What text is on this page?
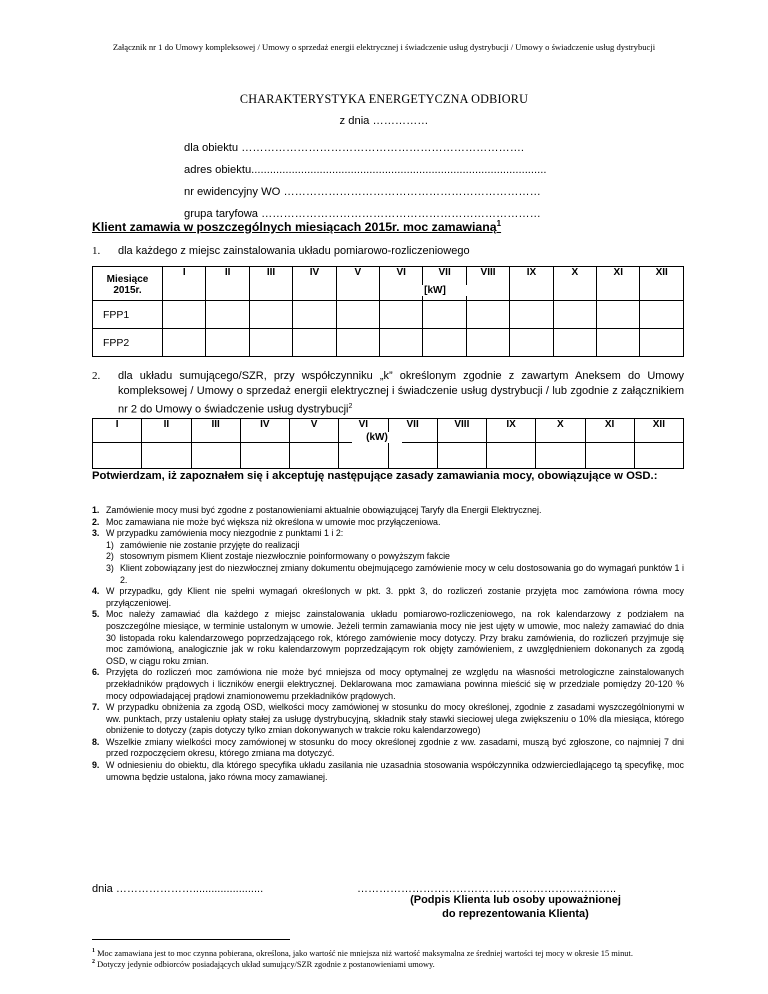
Załącznik nr 1 do Umowy kompleksowej / Umowy o sprzedaż energii elektrycznej i świadczenie usług dystrybucji / Umowy o świadczenie usług dystrybucji
CHARAKTERYSTYKA ENERGETYCZNA ODBIORU
z dnia ……………
dla obiektu ………………………………………………………………….
adres obiektu...............................................................................................
nr ewidencyjny WO ……………………………………………………………
grupa taryfowa …………………………………………………………………
Klient zamawia w poszczególnych miesiącach 2015r. moc zamawianą$^1$
1. dla każdego z miejsc zainstalowania układu pomiarowo-rozliczeniowego
Miesiące 2015r.	I	II	III	IV	V	VI	VII	VIII	IX	X	XI	XII
FPP1												
FPP2												
[kW]
2. dla układu sumującego/SZR, przy współczynniku „k” określonym zgodnie z zawartym Aneksem do Umowy kompleksowej / Umowy o sprzedaż energii elektrycznej i świadczenie usług dystrybucji / lub zgodnie z załącznikiem nr 2 do Umowy o świadczenie usług dystrybucji$^2$
I	II	III	IV	V	VI	VII	VIII	IX	X	XI	XII

(kW)
Potwierdzam, iż zapoznałem się i akceptuję następujące zasady zamawiania mocy, obowiązujące w OSD.:
1. Zamówienie mocy musi być zgodne z postanowieniami aktualnie obowiązującej Taryfy dla Energii Elektrycznej.
2. Moc zamawiana nie może być większa niż określona w umowie moc przyłączeniowa.
3. W przypadku zamówienia mocy niezgodnie z punktami 1 i 2:
1) zamówienie nie zostanie przyjęte do realizacji
2) stosownym pismem Klient zostaje niezwłocznie poinformowany o powyższym fakcie
3) Klient zobowiązany jest do niezwłocznej zmiany dokumentu obejmującego zamówienie mocy w celu dostosowania go do wymagań punktów 1 i 2.
4. W przypadku, gdy Klient nie spełni wymagań określonych w pkt. 3. ppkt 3, do rozliczeń zostanie przyjęta moc zamówiona równa mocy przyłączeniowej.
5. Moc należy zamawiać dla każdego z miejsc zainstalowania układu pomiarowo-rozliczeniowego, na rok kalendarzowy z podziałem na poszczególne miesiące, w terminie ustalonym w umowie. Jeżeli termin zamawiania mocy nie jest ujęty w umowie, moc należy zamawiać do dnia 30 listopada roku kalendarzowego poprzedzającego rok, którego zamówienie mocy dotyczy. Przy braku zamówienia, do rozliczeń przyjmuje się moc zamówioną, analogicznie jak w roku kalendarzowym poprzedzającym rok objęty zamówieniem, z uwzględnieniem dokonanych za zgodą OSD, w ciągu roku zmian.
6. Przyjęta do rozliczeń moc zamówiona nie może być mniejsza od mocy optymalnej ze względu na własności metrologiczne zainstalowanych przekładników prądowych i liczników energii elektrycznej. Deklarowana moc zamawiana powinna mieścić się w przedziale pomiędzy 20-120 % mocy odpowiadającej prądowi znamionowemu przekładników prądowych.
7. W przypadku obniżenia za zgodą OSD, wielkości mocy zamówionej w stosunku do mocy określonej, zgodnie z zasadami wyszczególnionymi w ww. punktach, przy ustaleniu opłaty stałej za usługę dystrybucyjną, składnik stały stawki sieciowej ulega zwiększeniu o 10% dla miesiąca, którego obniżenie to dotyczy (zapis dotyczy tylko zmian dokonywanych w trakcie roku kalendarzowego)
8. Wszelkie zmiany wielkości mocy zamówionej w stosunku do mocy określonej zgodnie z ww. zasadami, muszą być zgłoszone, co najmniej 7 dni przed rozpoczęciem okresu, którego zmiana ma dotyczyć.
9. W odniesieniu do obiektu, dla którego specyfika układu zasilania nie uzasadnia stosowania współczynnika odzwierciedlającego tą specyfikę, moc umowna będzie ustalona, jako równa mocy zamawianej.
dnia ………………….......................	……………………………………………………………..
(Podpis Klienta lub osoby upoważnionej
do reprezentowania Klienta)
$^1$ Moc zamawiana jest to moc czynna pobierana, określona, jako wartość nie mniejsza niż wartość maksymalna ze średniej wartości tej mocy w okresie 15 minut.
$^2$ Dotyczy jedynie odbiorców posiadających układ sumujący/SZR zgodnie z postanowieniami umowy.
